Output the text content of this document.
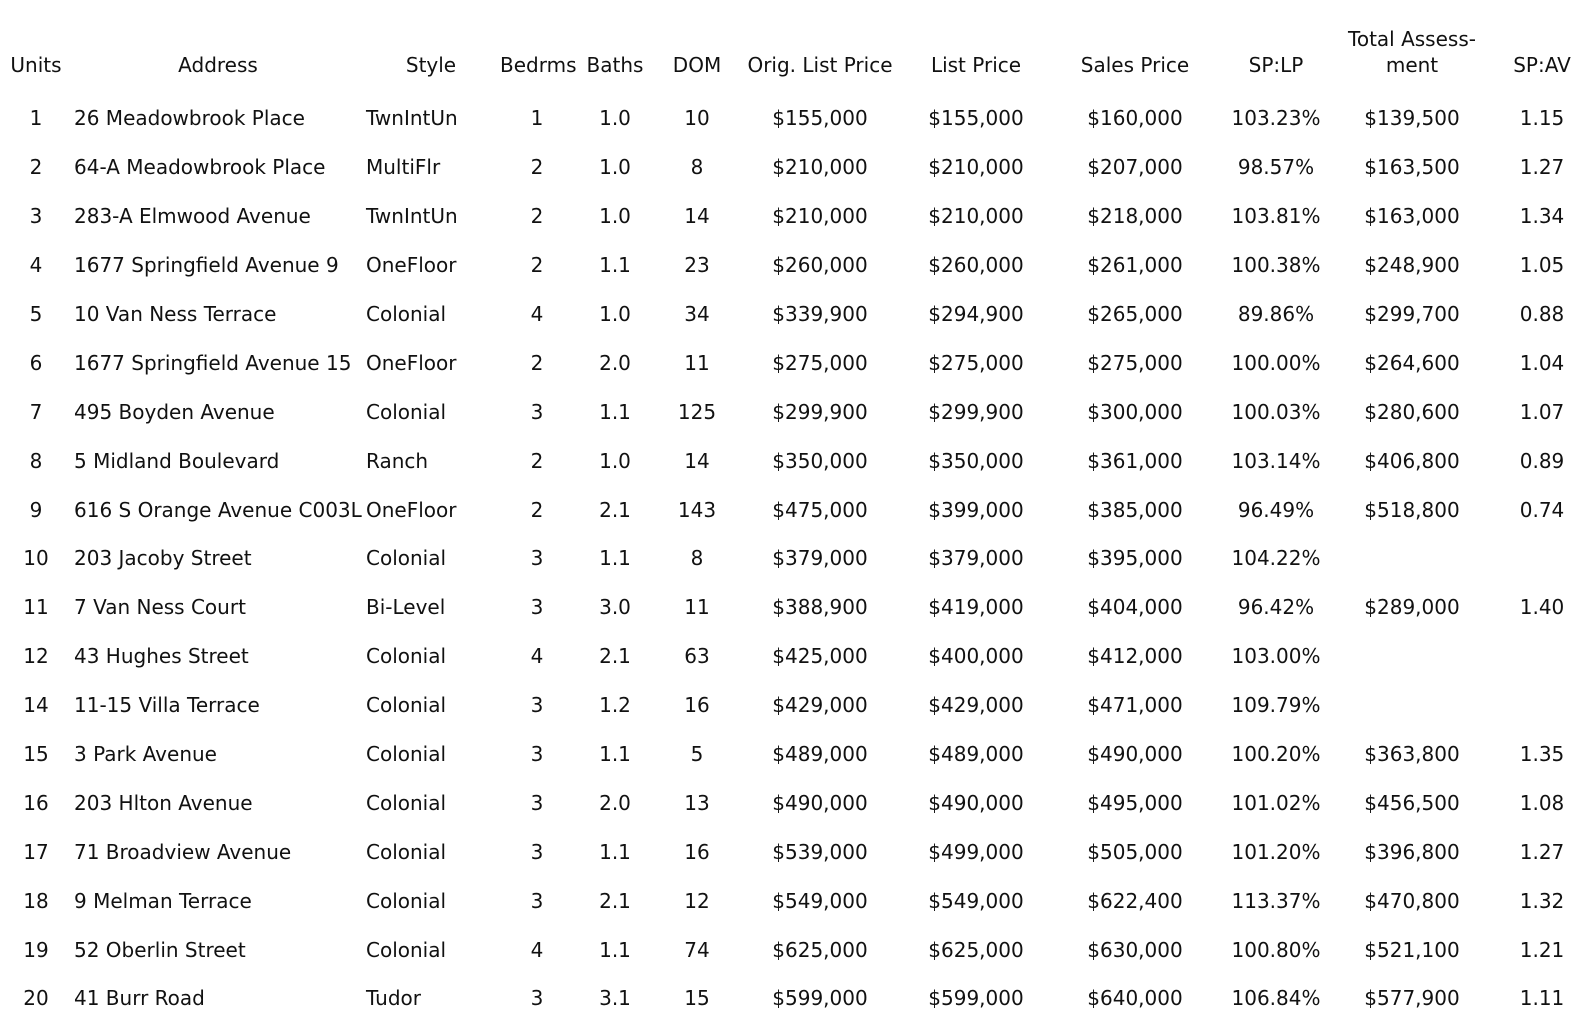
Units	Address	Style	Bedrms	Baths	DOM	Orig. List Price	List Price	Sales Price	SP:LP	Total Assess-
ment	SP:AV
1	26 Meadowbrook Place	TwnIntUn	1	1.0	10	$155,000	$155,000	$160,000	103.23%	$139,500	1.15
2	64-A Meadowbrook Place	MultiFlr	2	1.0	8	$210,000	$210,000	$207,000	98.57%	$163,500	1.27
3	283-A Elmwood Avenue	TwnIntUn	2	1.0	14	$210,000	$210,000	$218,000	103.81%	$163,000	1.34
4	1677 Springfield Avenue 9	OneFloor	2	1.1	23	$260,000	$260,000	$261,000	100.38%	$248,900	1.05
5	10 Van Ness Terrace	Colonial	4	1.0	34	$339,900	$294,900	$265,000	89.86%	$299,700	0.88
6	1677 Springfield Avenue 15	OneFloor	2	2.0	11	$275,000	$275,000	$275,000	100.00%	$264,600	1.04
7	495 Boyden Avenue	Colonial	3	1.1	125	$299,900	$299,900	$300,000	100.03%	$280,600	1.07
8	5 Midland Boulevard	Ranch	2	1.0	14	$350,000	$350,000	$361,000	103.14%	$406,800	0.89
9	616 S Orange Avenue C003L	OneFloor	2	2.1	143	$475,000	$399,000	$385,000	96.49%	$518,800	0.74
10	203 Jacoby Street	Colonial	3	1.1	8	$379,000	$379,000	$395,000	104.22%		
11	7 Van Ness Court	Bi-Level	3	3.0	11	$388,900	$419,000	$404,000	96.42%	$289,000	1.40
12	43 Hughes Street	Colonial	4	2.1	63	$425,000	$400,000	$412,000	103.00%		
14	11-15 Villa Terrace	Colonial	3	1.2	16	$429,000	$429,000	$471,000	109.79%		
15	3 Park Avenue	Colonial	3	1.1	5	$489,000	$489,000	$490,000	100.20%	$363,800	1.35
16	203 Hlton Avenue	Colonial	3	2.0	13	$490,000	$490,000	$495,000	101.02%	$456,500	1.08
17	71 Broadview Avenue	Colonial	3	1.1	16	$539,000	$499,000	$505,000	101.20%	$396,800	1.27
18	9 Melman Terrace	Colonial	3	2.1	12	$549,000	$549,000	$622,400	113.37%	$470,800	1.32
19	52 Oberlin Street	Colonial	4	1.1	74	$625,000	$625,000	$630,000	100.80%	$521,100	1.21
20	41 Burr Road	Tudor	3	3.1	15	$599,000	$599,000	$640,000	106.84%	$577,900	1.11
